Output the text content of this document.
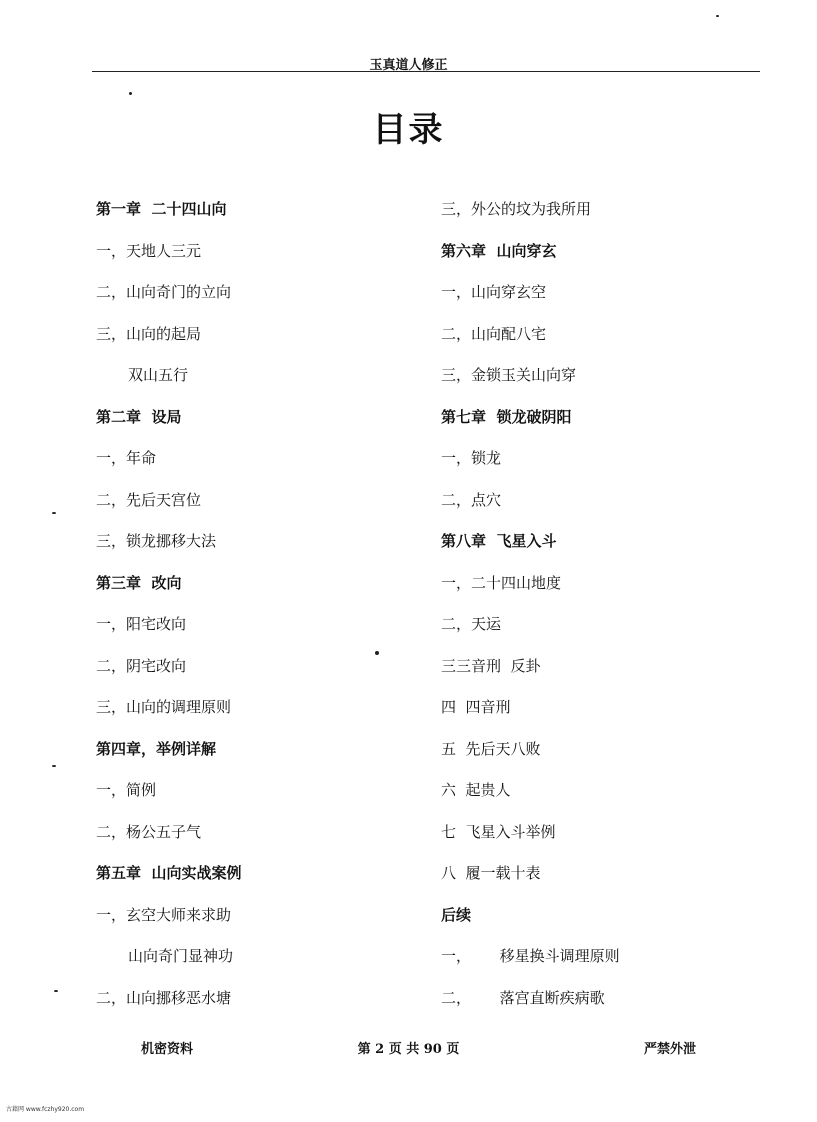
玉真道人修正
目录
第一章  二十四山向
一，天地人三元
二，山向奇门的立向
三，山向的起局
双山五行
第二章  设局
一，年命
二，先后天宫位
三，锁龙挪移大法
第三章  改向
一，阳宅改向
二，阴宅改向
三，山向的调理原则
第四章，举例详解
一，简例
二，杨公五子气
第五章  山向实战案例
一，玄空大师来求助
山向奇门显神功
二，山向挪移恶水塘
三，外公的坟为我所用
第六章  山向穿玄
一，山向穿玄空
二，山向配八宅
三，金锁玉关山向穿
第七章  锁龙破阴阳
一，锁龙
二，点穴
第八章  飞星入斗
一，二十四山地度
二，天运
三三音刑  反卦
四  四音刑
五  先后天八败
六  起贵人
七  飞星入斗举例
八  履一载十表
后续
一，      移星换斗调理原则
二，      落宫直断疾病歌
机密资料	第 2 页 共 90 页	严禁外泄
古籍网 www.fczhy920.com
